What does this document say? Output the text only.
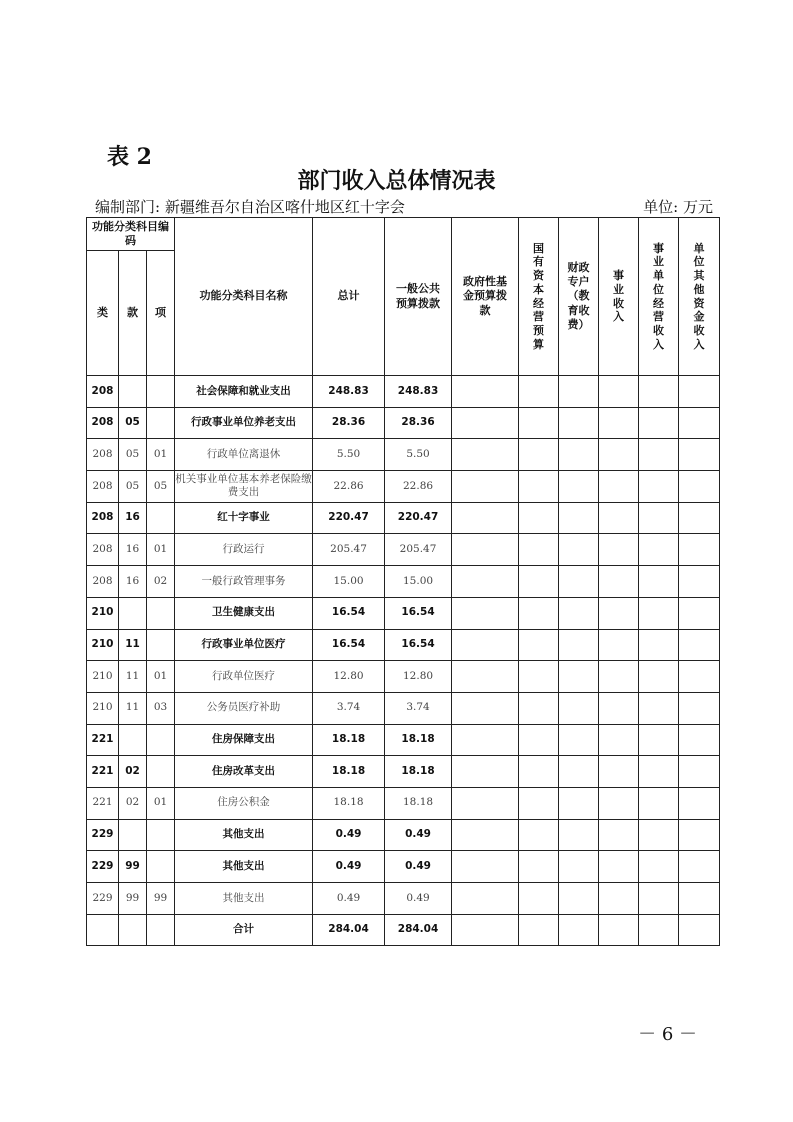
表 2
部门收入总体情况表
编制部门: 新疆维吾尔自治区喀什地区红十字会	单位: 万元
功能分类科目编码			功能分类科目名称	总计	一般公共预算拨款	政府性基金预算拨款	国有资本经营预算	财政专户（教育收费）	事业收入	事业单位经营收入	单位其他资金收入

类	款	项									
208			社会保障和就业支出	248.83	248.83						
208	05		行政事业单位养老支出	28.36	28.36						
208	05	01	行政单位离退休	5.50	5.50						
208	05	05	机关事业单位基本养老保险缴费支出	22.86	22.86						
208	16		红十字事业	220.47	220.47						
208	16	01	行政运行	205.47	205.47						
208	16	02	一般行政管理事务	15.00	15.00						
210			卫生健康支出	16.54	16.54						
210	11		行政事业单位医疗	16.54	16.54						
210	11	01	行政单位医疗	12.80	12.80						
210	11	03	公务员医疗补助	3.74	3.74						
221			住房保障支出	18.18	18.18						
221	02		住房改革支出	18.18	18.18						
221	02	01	住房公积金	18.18	18.18						
229			其他支出	0.49	0.49						
229	99		其他支出	0.49	0.49						
229	99	99	其他支出	0.49	0.49						
			合计	284.04	284.04						
－ 6 －
